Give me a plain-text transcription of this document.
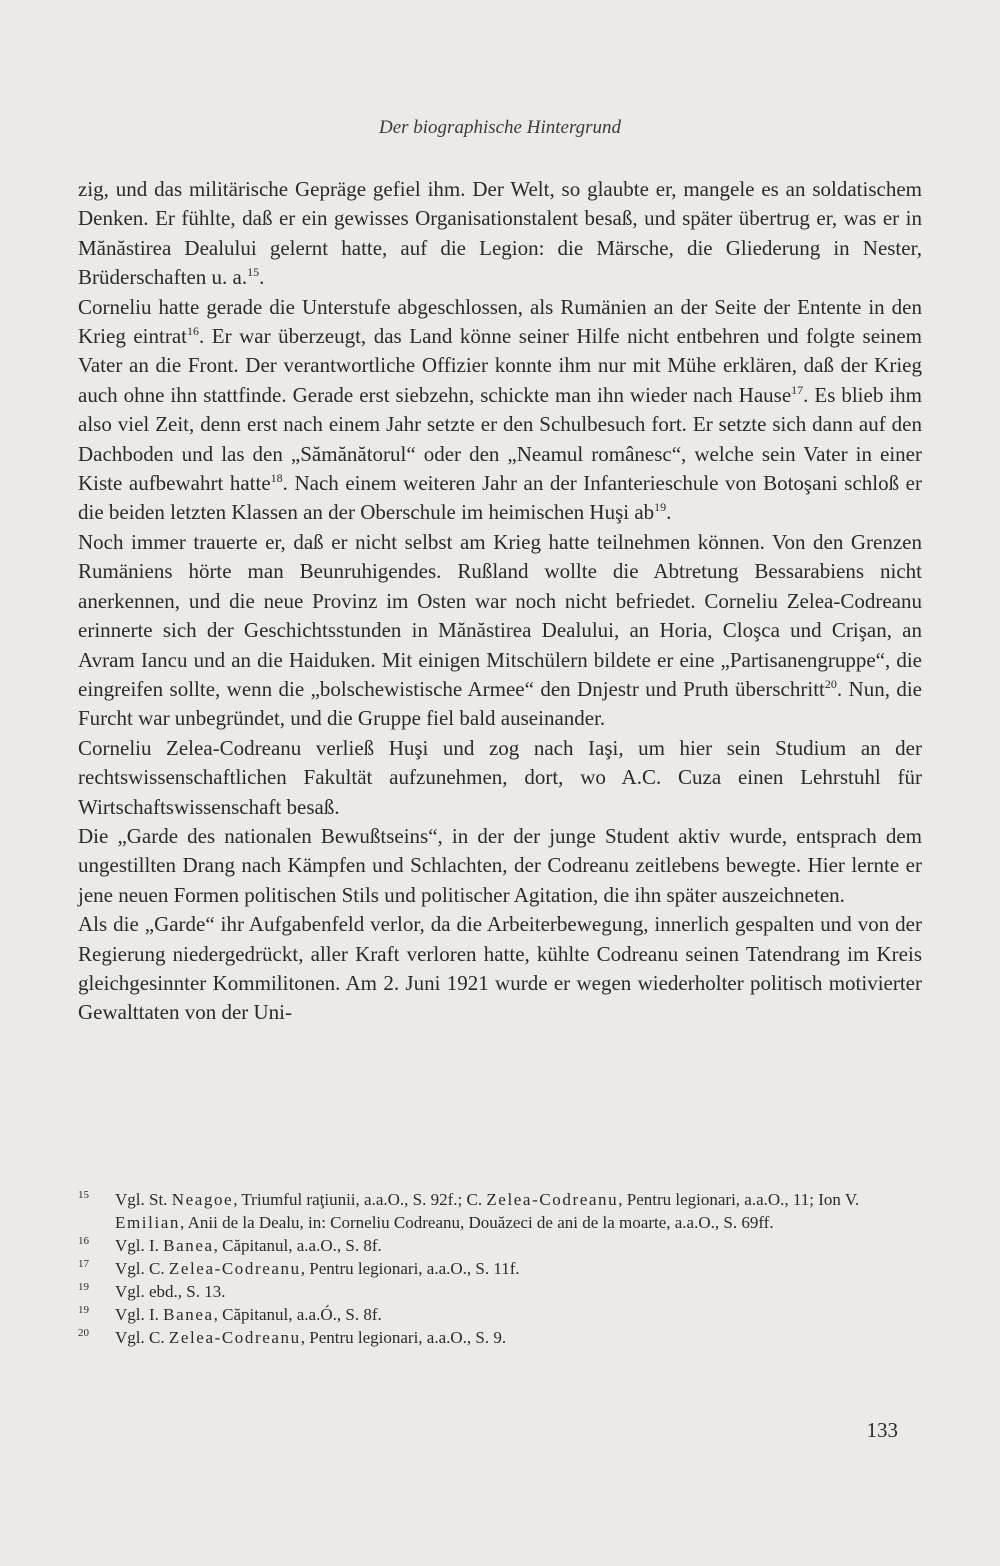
Der biographische Hintergrund

zig, und das militärische Gepräge gefiel ihm. Der Welt, so glaubte er, mangele es an soldatischem Denken. Er fühlte, daß er ein gewisses Organisationstalent besaß, und später übertrug er, was er in Mănăstirea Dealului gelernt hatte, auf die Legion: die Märsche, die Gliederung in Nester, Brüderschaften u. a.$^{15}$.

Corneliu hatte gerade die Unterstufe abgeschlossen, als Rumänien an der Seite der Entente in den Krieg eintrat$^{16}$. Er war überzeugt, das Land könne seiner Hilfe nicht entbehren und folgte seinem Vater an die Front. Der verantwortliche Offizier konnte ihm nur mit Mühe erklären, daß der Krieg auch ohne ihn stattfinde. Gerade erst siebzehn, schickte man ihn wieder nach Hause$^{17}$. Es blieb ihm also viel Zeit, denn erst nach einem Jahr setzte er den Schulbesuch fort. Er setzte sich dann auf den Dachboden und las den „Sămănătorul“ oder den „Neamul românesc“, welche sein Vater in einer Kiste aufbewahrt hatte$^{18}$. Nach einem weiteren Jahr an der Infanterieschule von Botoşani schloß er die beiden letzten Klassen an der Oberschule im heimischen Huşi $ab^{19}$.

Noch immer trauerte er, daß er nicht selbst am Krieg hatte teilnehmen können. Von den Grenzen Rumäniens hörte man Beunruhigendes. Rußland wollte die Abtretung Bessarabiens nicht anerkennen, und die neue Provinz im Osten war noch nicht befriedet. Corneliu Zelea-Codreanu erinnerte sich der Geschichtsstunden in Mănăstirea Dealului, an Horia, Cloşca und Crişan, an Avram Iancu und an die Haiduken. Mit einigen Mitschülern bildete er eine „Partisanengruppe“, die eingreifen sollte, wenn die „bolschewistische Armee“ den Dnjestr und Pruth überschritt$^{20}$. Nun, die Furcht war unbegründet, und die Gruppe fiel bald auseinander.

Corneliu Zelea-Codreanu verließ Huşi und zog nach Iaşi, um hier sein Studium an der rechtswissenschaftlichen Fakultät aufzunehmen, dort, wo A.C. Cuza einen Lehrstuhl für Wirtschaftswissenschaft besaß.

Die „Garde des nationalen Bewußtseins“, in der der junge Student aktiv wurde, entsprach dem ungestillten Drang nach Kämpfen und Schlachten, der Codreanu zeitlebens bewegte. Hier lernte er jene neuen Formen politischen Stils und politischer Agitation, die ihn später auszeichneten.

Als die „Garde“ ihr Aufgabenfeld verlor, da die Arbeiterbewegung, innerlich gespalten und von der Regierung niedergedrückt, aller Kraft verloren hatte, kühlte Codreanu seinen Tatendrang im Kreis gleichgesinnter Kommilitonen. Am 2. Juni 1921 wurde er wegen wiederholter politisch motivierter Gewalttaten von der Uni-

15 Vgl. St. Neagoe, Triumful raţiunii, a.a.O., S. 92f.; C. Zelea-Codreanu, Pentru legionari, a.a.O., 11; Ion V. Emilian, Anii de la Dealu, in: Corneliu Codreanu, Douăzeci de ani de la moarte, a.a.O., S. 69ff.

16 Vgl. I. Banea, Căpitanul, a.a.O., S. 8f.

17 Vgl. C. Zelea-Codreanu, Pentru legionari, a.a.O., S. 11f.

19 Vgl. ebd., S. 13.

19 Vgl. I. Banea, Căpitanul, a.a.Ó., S. 8f.

20 Vgl. C. Zelea-Codreanu, Pentru legionari, a.a.O., S. 9.

133
